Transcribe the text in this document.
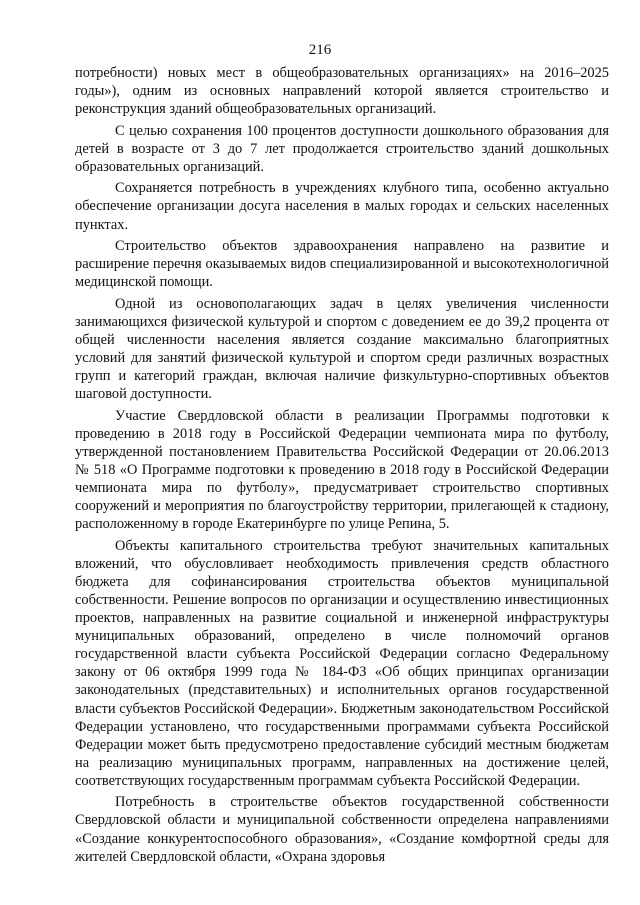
216

потребности) новых мест в общеобразовательных организациях» на 2016–2025 годы»), одним из основных направлений которой является строительство и реконструкция зданий общеобразовательных организаций.

С целью сохранения 100 процентов доступности дошкольного образования для детей в возрасте от 3 до 7 лет продолжается строительство зданий дошкольных образовательных организаций.

Сохраняется потребность в учреждениях клубного типа, особенно актуально обеспечение организации досуга населения в малых городах и сельских населенных пунктах.

Строительство объектов здравоохранения направлено на развитие и расширение перечня оказываемых видов специализированной и высокотехнологичной медицинской помощи.

Одной из основополагающих задач в целях увеличения численности занимающихся физической культурой и спортом с доведением ее до 39,2 процента от общей численности населения является создание максимально благоприятных условий для занятий физической культурой и спортом среди различных возрастных групп и категорий граждан, включая наличие физкультурно-спортивных объектов шаговой доступности.

Участие Свердловской области в реализации Программы подготовки к проведению в 2018 году в Российской Федерации чемпионата мира по футболу, утвержденной постановлением Правительства Российской Федерации от 20.06.2013 № 518 «О Программе подготовки к проведению в 2018 году в Российской Федерации чемпионата мира по футболу», предусматривает строительство спортивных сооружений и мероприятия по благоустройству территории, прилегающей к стадиону, расположенному в городе Екатеринбурге по улице Репина, 5.

Объекты капитального строительства требуют значительных капитальных вложений, что обусловливает необходимость привлечения средств областного бюджета для софинансирования строительства объектов муниципальной собственности. Решение вопросов по организации и осуществлению инвестиционных проектов, направленных на развитие социальной и инженерной инфраструктуры муниципальных образований, определено в числе полномочий органов государственной власти субъекта Российской Федерации согласно Федеральному закону от 06 октября 1999 года № 184-ФЗ «Об общих принципах организации законодательных (представительных) и исполнительных органов государственной власти субъектов Российской Федерации». Бюджетным законодательством Российской Федерации установлено, что государственными программами субъекта Российской Федерации может быть предусмотрено предоставление субсидий местным бюджетам на реализацию муниципальных программ, направленных на достижение целей, соответствующих государственным программам субъекта Российской Федерации.

Потребность в строительстве объектов государственной собственности Свердловской области и муниципальной собственности определена направлениями «Создание конкурентоспособного образования», «Создание комфортной среды для жителей Свердловской области, «Охрана здоровья
